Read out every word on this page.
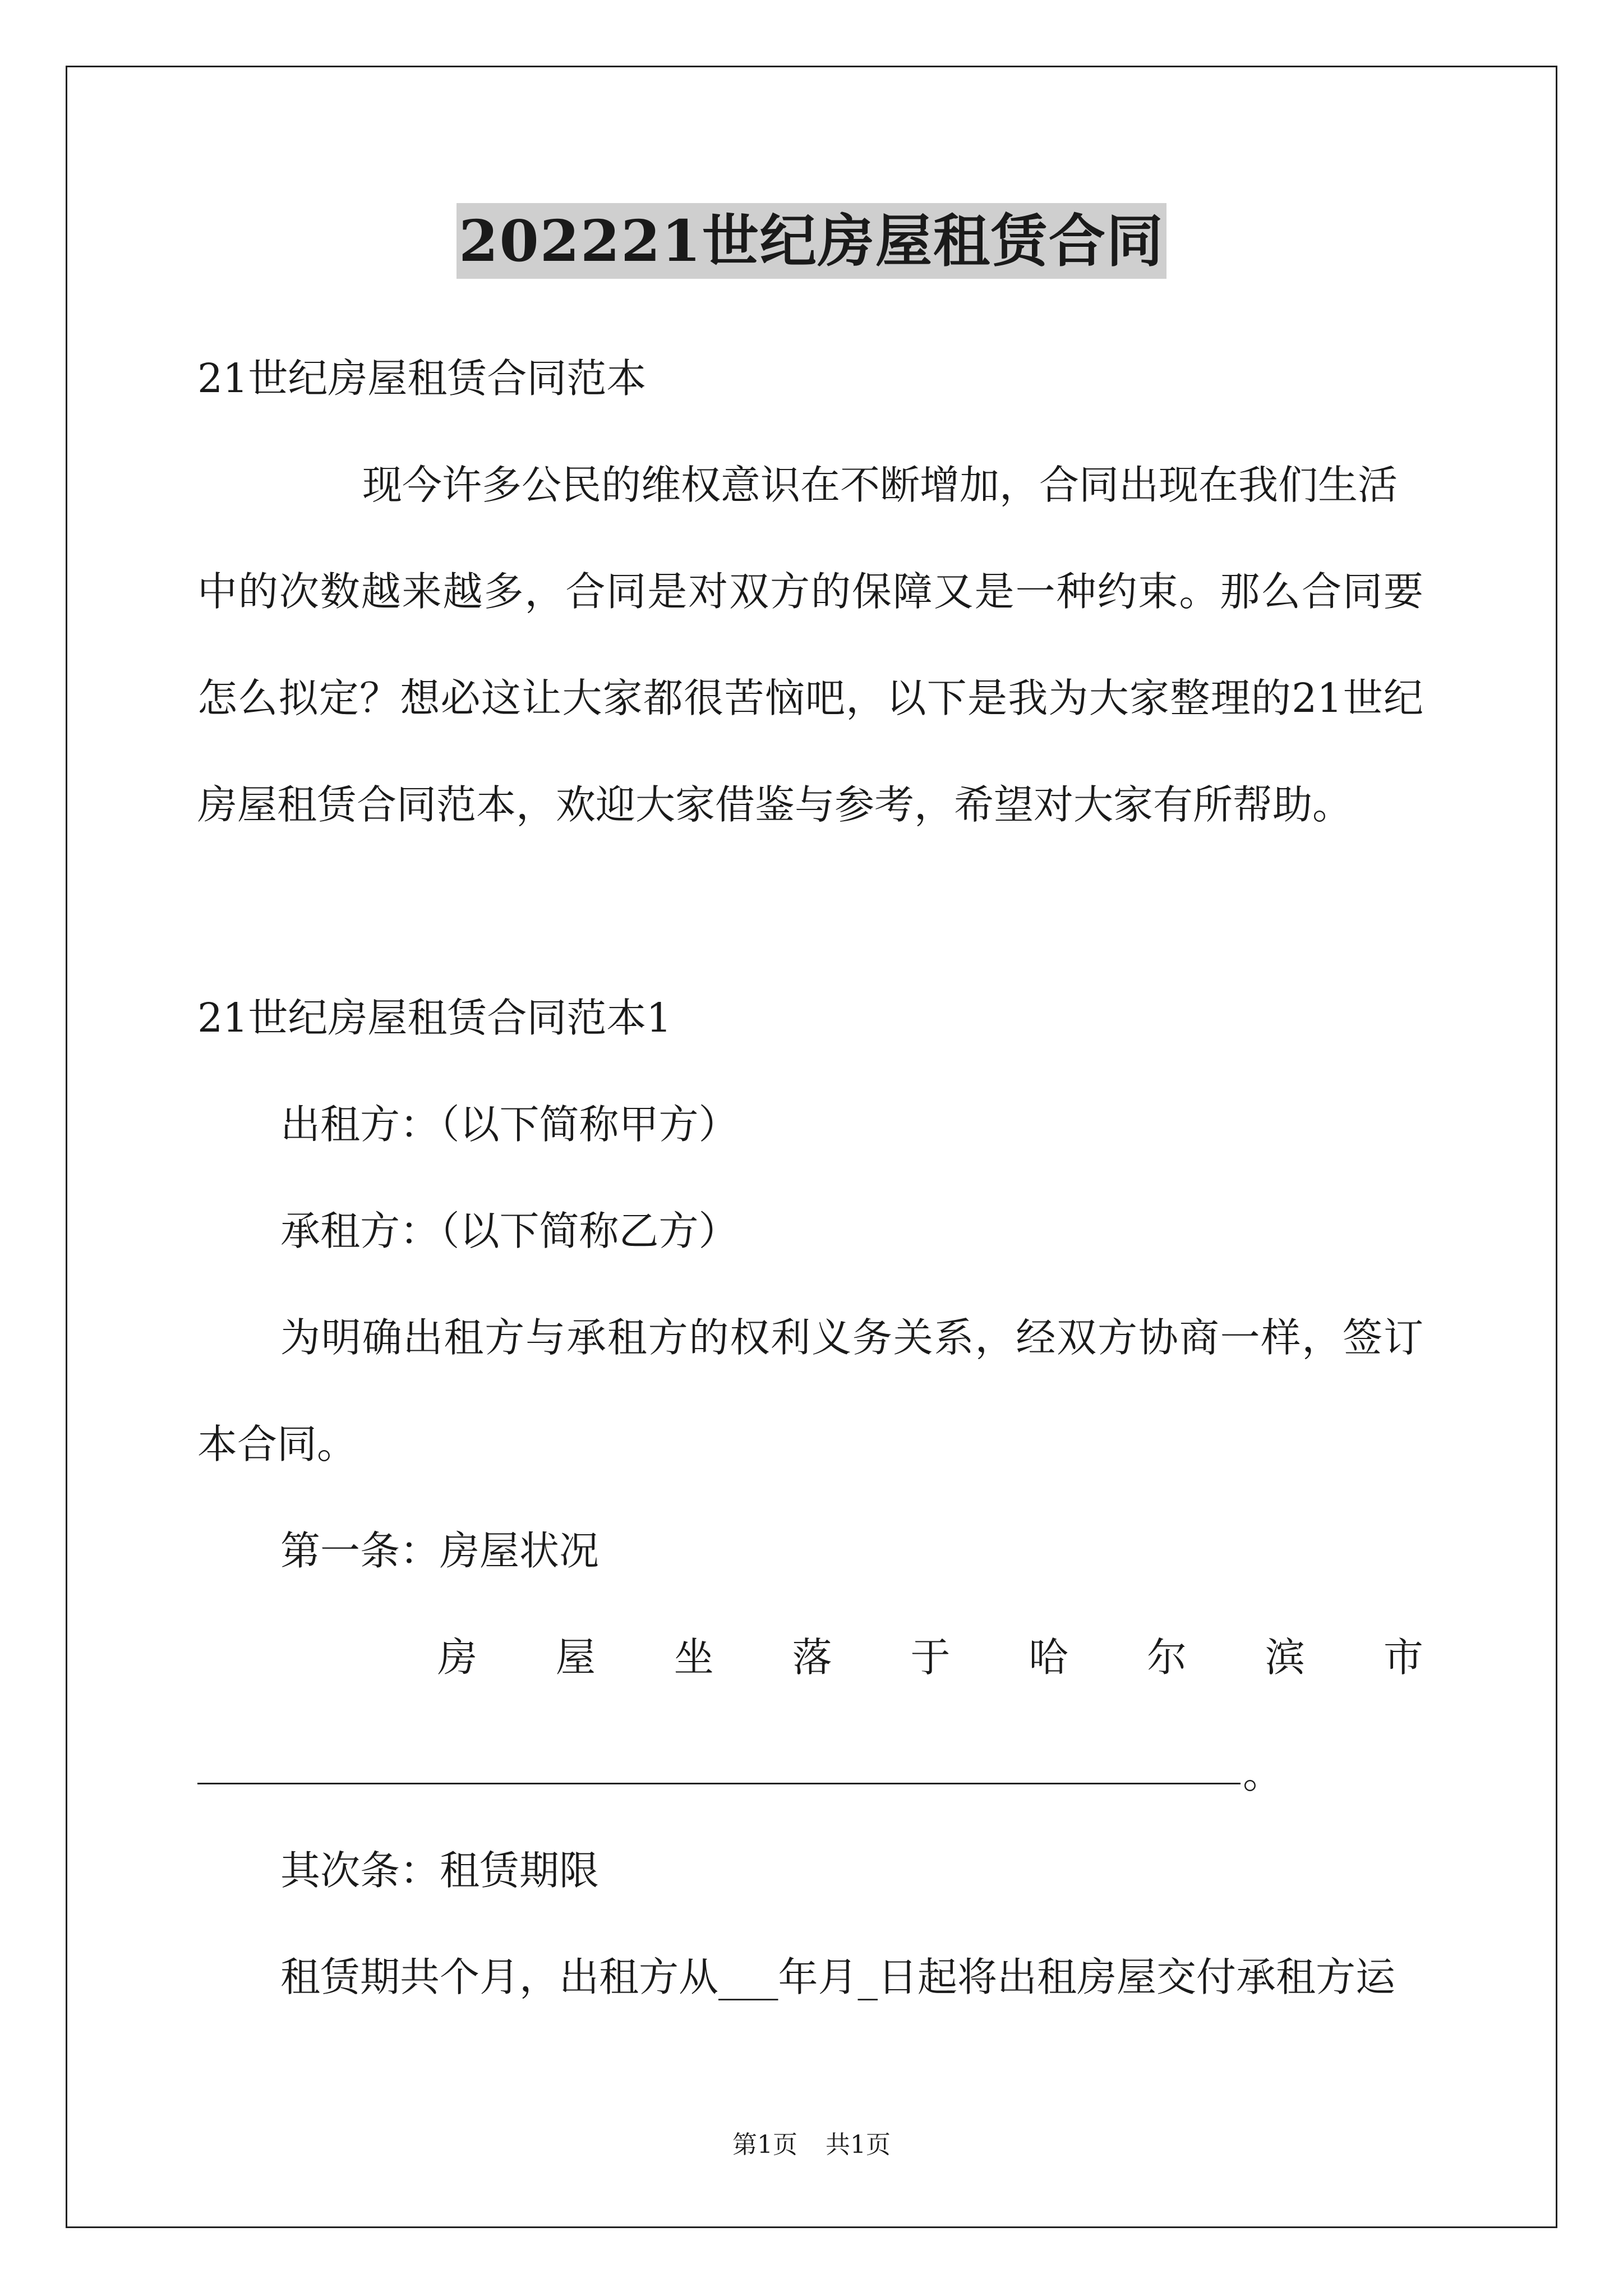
202221世纪房屋租赁合同
21世纪房屋租赁合同范本
现今许多公民的维权意识在不断增加，合同出现在我们生活
中的次数越来越多，合同是对双方的保障又是一种约束。那么合同要
怎么拟定？想必这让大家都很苦恼吧，以下是我为大家整理的21世纪
房屋租赁合同范本，欢迎大家借鉴与参考，希望对大家有所帮助。
21世纪房屋租赁合同范本1
出租方：（以下简称甲方）
承租方：（以下简称乙方）
为明确出租方与承租方的权利义务关系，经双方协商一样，签订
本合同。
第一条：房屋状况
房 屋 坐 落 于 哈 尔 滨 市
。
其次条：租赁期限
租赁期共个月，出租方从___年月_日起将出租房屋交付承租方运
第1页 共1页
